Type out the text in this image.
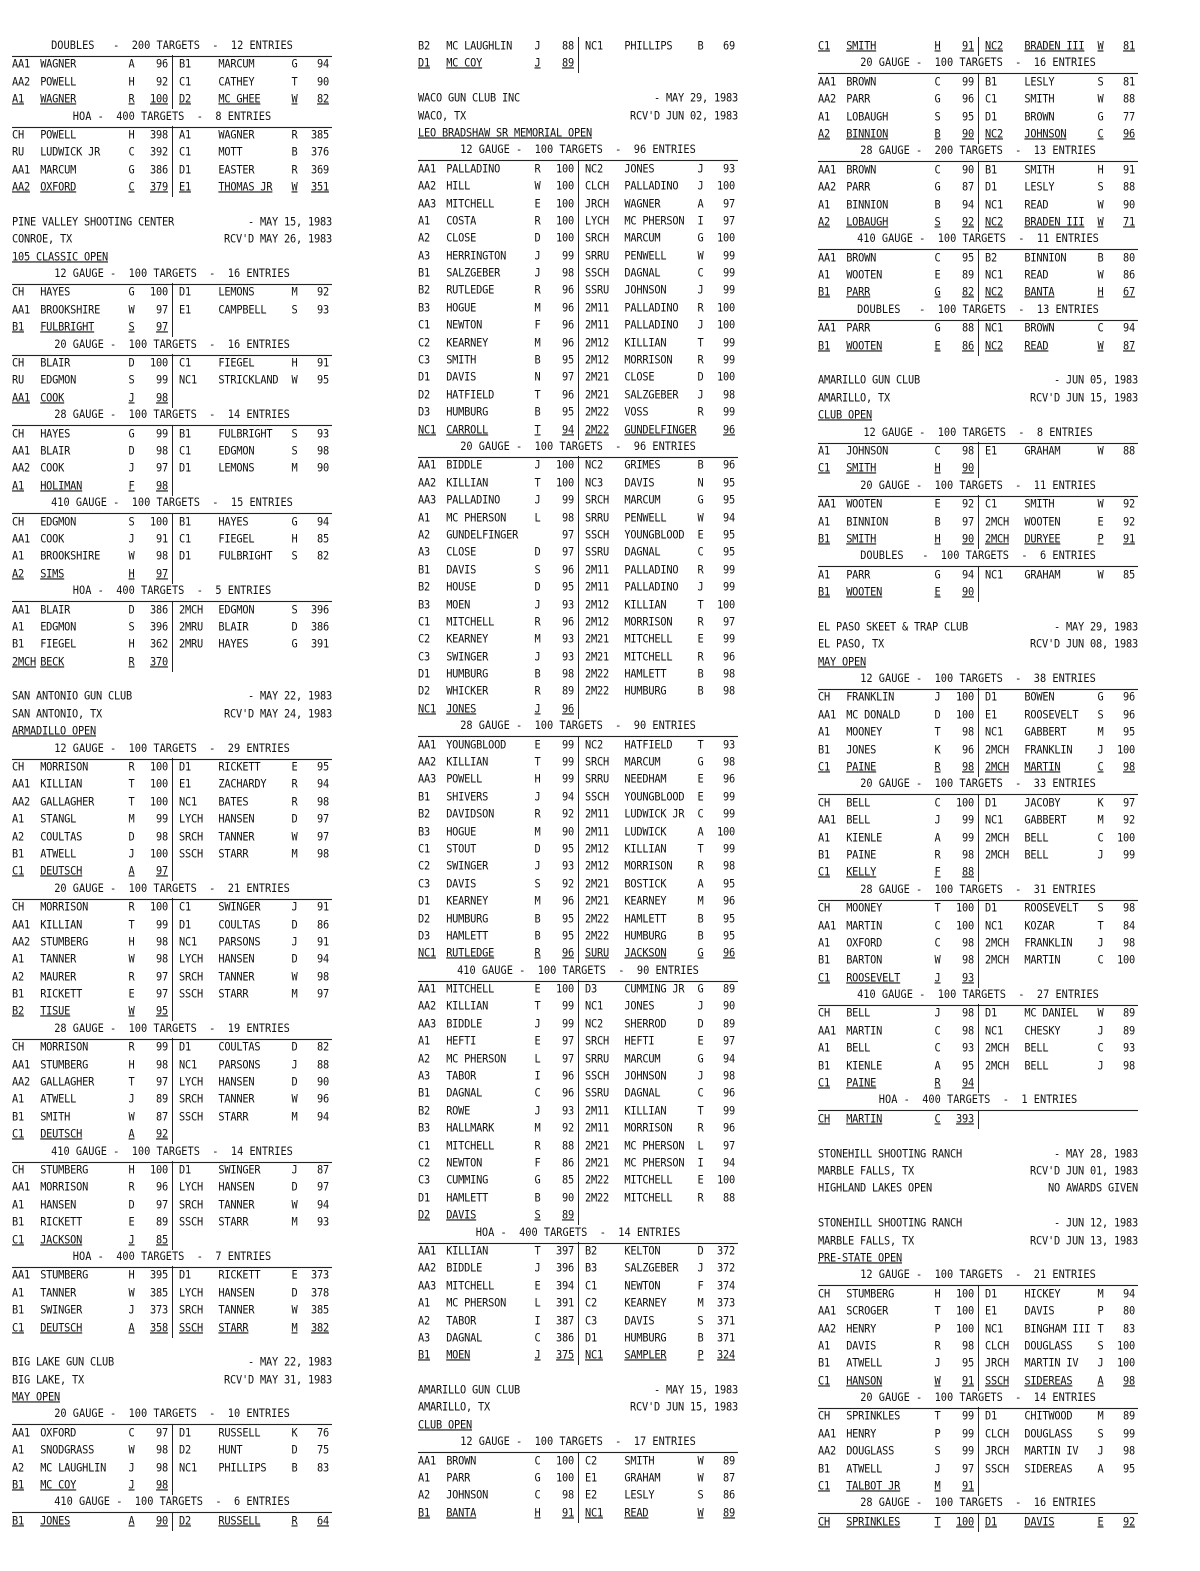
DOUBLES   -  200 TARGETS  -  12 ENTRIES
AA1 WAGNER	A	96	B1	MARCUM	G	94
AA2 POWELL	H	92	C1	CATHEY	T	90
A1	WAGNER	R	100	D2	MC GHEE	W	82
HOA -  400 TARGETS  -  8 ENTRIES
CH	POWELL	H	398	A1	WAGNER	R	385
RU	LUDWICK JR	C	392	C1	MOTT	B	376
AA1 MARCUM	G	386	D1	EASTER	R	369
AA2 OXFORD	C	379	E1	THOMAS JR	W	351
PINE VALLEY SHOOTING CENTER	- MAY 15, 1983
CONROE, TX	RCV'D MAY 26, 1983
105 CLASSIC OPEN
12 GAUGE -  100 TARGETS  -  16 ENTRIES
CH	HAYES	G	100	D1	LEMONS	M	92
AA1 BROOKSHIRE	W	97	E1	CAMPBELL	S	93
B1	FULBRIGHT	S	97
20 GAUGE -  100 TARGETS  -  16 ENTRIES
CH	BLAIR	D	100	C1	FIEGEL	H	91
RU	EDGMON	S	99	NC1	STRICKLAND	W	95
AA1 COOK	J	98
28 GAUGE -  100 TARGETS  -  14 ENTRIES
CH	HAYES	G	99	B1	FULBRIGHT	S	93
AA1 BLAIR	D	98	C1	EDGMON	S	98
AA2 COOK	J	97	D1	LEMONS	M	90
A1	HOLIMAN	F	98
410 GAUGE -  100 TARGETS  -  15 ENTRIES
CH	EDGMON	S	100	B1	HAYES	G	94
AA1 COOK	J	91	C1	FIEGEL	H	85
A1	BROOKSHIRE	W	98	D1	FULBRIGHT	S	82
A2	SIMS	H	97
HOA -  400 TARGETS  -  5 ENTRIES
AA1 BLAIR	D	386	2MCH	EDGMON	S	396
A1	EDGMON	S	396	2MRU	BLAIR	D	386
B1	FIEGEL	H	362	2MRU	HAYES	G	391
2MCH BECK	R	370
SAN ANTONIO GUN CLUB	- MAY 22, 1983
SAN ANTONIO, TX	RCV'D MAY 24, 1983
ARMADILLO OPEN
12 GAUGE -  100 TARGETS  -  29 ENTRIES
CH	MORRISON	R	100	D1	RICKETT	E	95
AA1 KILLIAN	T	100	E1	ZACHARDY	R	94
AA2 GALLAGHER	T	100	NC1	BATES	R	98
A1	STANGL	M	99	LYCH	HANSEN	D	97
A2	COULTAS	D	98	SRCH	TANNER	W	97
B1	ATWELL	J	100	SSCH	STARR	M	98
C1	DEUTSCH	A	97
20 GAUGE -  100 TARGETS  -  21 ENTRIES
CH	MORRISON	R	100	C1	SWINGER	J	91
AA1 KILLIAN	T	99	D1	COULTAS	D	86
AA2 STUMBERG	H	98	NC1	PARSONS	J	91
A1	TANNER	W	98	LYCH	HANSEN	D	94
A2	MAURER	R	97	SRCH	TANNER	W	98
B1	RICKETT	E	97	SSCH	STARR	M	97
B2	TISUE	W	95
28 GAUGE -  100 TARGETS  -  19 ENTRIES
CH	MORRISON	R	99	D1	COULTAS	D	82
AA1 STUMBERG	H	98	NC1	PARSONS	J	88
AA2 GALLAGHER	T	97	LYCH	HANSEN	D	90
A1	ATWELL	J	89	SRCH	TANNER	W	96
B1	SMITH	W	87	SSCH	STARR	M	94
C1	DEUTSCH	A	92
410 GAUGE -  100 TARGETS  -  14 ENTRIES
CH	STUMBERG	H	100	D1	SWINGER	J	87
AA1 MORRISON	R	96	LYCH	HANSEN	D	97
A1	HANSEN	D	97	SRCH	TANNER	W	94
B1	RICKETT	E	89	SSCH	STARR	M	93
C1	JACKSON	J	85
HOA -  400 TARGETS  -  7 ENTRIES
AA1 STUMBERG	H	395	D1	RICKETT	E	373
A1	TANNER	W	385	LYCH	HANSEN	D	378
B1	SWINGER	J	373	SRCH	TANNER	W	385
C1	DEUTSCH	A	358	SSCH	STARR	M	382
BIG LAKE GUN CLUB	- MAY 22, 1983
BIG LAKE, TX	RCV'D MAY 31, 1983
MAY OPEN
20 GAUGE -  100 TARGETS  -  10 ENTRIES
AA1 OXFORD	C	97	D1	RUSSELL	K	76
A1	SNODGRASS	W	98	D2	HUNT	D	75
A2	MC LAUGHLIN	J	98	NC1	PHILLIPS	B	83
B1	MC COY	J	98
410 GAUGE -  100 TARGETS  -  6 ENTRIES
B1	JONES	A	90	D2	RUSSELL	R	64
B2	MC LAUGHLIN	J	88	NC1	PHILLIPS	B	69
D1	MC COY	J	89
WACO GUN CLUB INC	- MAY 29, 1983
WACO, TX	RCV'D JUN 02, 1983
LEO BRADSHAW SR MEMORIAL OPEN
12 GAUGE -  100 TARGETS  -  96 ENTRIES
AA1 PALLADINO	R	100	NC2	JONES	J	93
AA2 HILL	W	100	CLCH	PALLADINO	J	100
AA3 MITCHELL	E	100	JRCH	WAGNER	A	97
A1	COSTA	R	100	LYCH	MC PHERSON	I	97
A2	CLOSE	D	100	SRCH	MARCUM	G	100
A3	HERRINGTON	J	99	SRRU	PENWELL	W	99
B1	SALZGEBER	J	98	SSCH	DAGNAL	C	99
B2	RUTLEDGE	R	96	SSRU	JOHNSON	J	99
B3	HOGUE	M	96	2M11	PALLADINO	R	100
C1	NEWTON	F	96	2M11	PALLADINO	J	100
C2	KEARNEY	M	96	2M12	KILLIAN	T	99
C3	SMITH	B	95	2M12	MORRISON	R	99
D1	DAVIS	N	97	2M21	CLOSE	D	100
D2	HATFIELD	T	96	2M21	SALZGEBER	J	98
D3	HUMBURG	B	95	2M22	VOSS	R	99
NC1 CARROLL	T	94	2M22	GUNDELFINGER	96
20 GAUGE -  100 TARGETS  -  96 ENTRIES
AA1 BIDDLE	J	100	NC2	GRIMES	B	96
AA2 KILLIAN	T	100	NC3	DAVIS	N	95
AA3 PALLADINO	J	99	SRCH	MARCUM	G	95
A1	MC PHERSON	L	98	SRRU	PENWELL	W	94
A2	GUNDELFINGER	97	SSCH	YOUNGBLOOD	E	95
A3	CLOSE	D	97	SSRU	DAGNAL	C	95
B1	DAVIS	S	96	2M11	PALLADINO	R	99
B2	HOUSE	D	95	2M11	PALLADINO	J	99
B3	MOEN	J	93	2M12	KILLIAN	T	100
C1	MITCHELL	R	96	2M12	MORRISON	R	97
C2	KEARNEY	M	93	2M21	MITCHELL	E	99
C3	SWINGER	J	93	2M21	MITCHELL	R	96
D1	HUMBURG	B	98	2M22	HAMLETT	B	98
D2	WHICKER	R	89	2M22	HUMBURG	B	98
NC1 JONES	J	96
28 GAUGE -  100 TARGETS  -  90 ENTRIES
AA1 YOUNGBLOOD	E	99	NC2	HATFIELD	T	93
AA2 KILLIAN	T	99	SRCH	MARCUM	G	98
AA3 POWELL	H	99	SRRU	NEEDHAM	E	96
B1	SHIVERS	J	94	SSCH	YOUNGBLOOD	E	99
B2	DAVIDSON	R	92	2M11	LUDWICK JR	C	99
B3	HOGUE	M	90	2M11	LUDWICK	A	100
C1	STOUT	D	95	2M12	KILLIAN	T	99
C2	SWINGER	J	93	2M12	MORRISON	R	98
C3	DAVIS	S	92	2M21	BOSTICK	A	95
D1	KEARNEY	M	96	2M21	KEARNEY	M	96
D2	HUMBURG	B	95	2M22	HAMLETT	B	95
D3	HAMLETT	B	95	2M22	HUMBURG	B	95
NC1 RUTLEDGE	R	96	SURU	JACKSON	G	96
410 GAUGE -  100 TARGETS  -  90 ENTRIES
AA1 MITCHELL	E	100	D3	CUMMING JR	G	89
AA2 KILLIAN	T	99	NC1	JONES	J	90
AA3 BIDDLE	J	99	NC2	SHERROD	D	89
A1	HEFTI	E	97	SRCH	HEFTI	E	97
A2	MC PHERSON	L	97	SRRU	MARCUM	G	94
A3	TABOR	I	96	SSCH	JOHNSON	J	98
B1	DAGNAL	C	96	SSRU	DAGNAL	C	96
B2	ROWE	J	93	2M11	KILLIAN	T	99
B3	HALLMARK	M	92	2M11	MORRISON	R	96
C1	MITCHELL	R	88	2M21	MC PHERSON	L	97
C2	NEWTON	F	86	2M21	MC PHERSON	I	94
C3	CUMMING	G	85	2M22	MITCHELL	E	100
D1	HAMLETT	B	90	2M22	MITCHELL	R	88
D2	DAVIS	S	89
HOA -  400 TARGETS  -  14 ENTRIES
AA1 KILLIAN	T	397	B2	KELTON	D	372
AA2 BIDDLE	J	396	B3	SALZGEBER	J	372
AA3 MITCHELL	E	394	C1	NEWTON	F	374
A1	MC PHERSON	L	391	C2	KEARNEY	M	373
A2	TABOR	I	387	C3	DAVIS	S	371
A3	DAGNAL	C	386	D1	HUMBURG	B	371
B1	MOEN	J	375	NC1	SAMPLER	P	324
AMARILLO GUN CLUB	- MAY 15, 1983
AMARILLO, TX	RCV'D JUN 15, 1983
CLUB OPEN
12 GAUGE -  100 TARGETS  -  17 ENTRIES
AA1 BROWN	C	100	C2	SMITH	W	89
A1	PARR	G	100	E1	GRAHAM	W	87
A2	JOHNSON	C	98	E2	LESLY	S	86
B1	BANTA	H	91	NC1	READ	W	89
C1	SMITH	H	91	NC2	BRADEN III	W	81
20 GAUGE -  100 TARGETS  -  16 ENTRIES
AA1 BROWN	C	99	B1	LESLY	S	81
AA2 PARR	G	96	C1	SMITH	W	88
A1	LOBAUGH	S	95	D1	BROWN	G	77
A2	BINNION	B	90	NC2	JOHNSON	C	96
28 GAUGE -  200 TARGETS  -  13 ENTRIES
AA1 BROWN	C	90	B1	SMITH	H	91
AA2 PARR	G	87	D1	LESLY	S	88
A1	BINNION	B	94	NC1	READ	W	90
A2	LOBAUGH	S	92	NC2	BRADEN III	W	71
410 GAUGE -  100 TARGETS  -  11 ENTRIES
AA1 BROWN	C	95	B2	BINNION	B	80
A1	WOOTEN	E	89	NC1	READ	W	86
B1	PARR	G	82	NC2	BANTA	H	67
DOUBLES   -  100 TARGETS  -  13 ENTRIES
AA1 PARR	G	88	NC1	BROWN	C	94
B1	WOOTEN	E	86	NC2	READ	W	87
AMARILLO GUN CLUB	- JUN 05, 1983
AMARILLO, TX	RCV'D JUN 15, 1983
CLUB OPEN
12 GAUGE -  100 TARGETS  -  8 ENTRIES
A1	JOHNSON	C	98	E1	GRAHAM	W	88
C1	SMITH	H	90
20 GAUGE -  100 TARGETS  -  11 ENTRIES
AA1 WOOTEN	E	92	C1	SMITH	W	92
A1	BINNION	B	97	2MCH	WOOTEN	E	92
B1	SMITH	H	90	2MCH	DURYEE	P	91
DOUBLES   -  100 TARGETS  -  6 ENTRIES
A1	PARR	G	94	NC1	GRAHAM	W	85
B1	WOOTEN	E	90
EL PASO SKEET & TRAP CLUB	- MAY 29, 1983
EL PASO, TX	RCV'D JUN 08, 1983
MAY OPEN
12 GAUGE -  100 TARGETS  -  38 ENTRIES
CH	FRANKLIN	J	100	D1	BOWEN	G	96
AA1 MC DONALD	D	100	E1	ROOSEVELT	S	96
A1	MOONEY	T	98	NC1	GABBERT	M	95
B1	JONES	K	96	2MCH	FRANKLIN	J	100
C1	PAINE	R	98	2MCH	MARTIN	C	98
20 GAUGE -  100 TARGETS  -  33 ENTRIES
CH	BELL	C	100	D1	JACOBY	K	97
AA1 BELL	J	99	NC1	GABBERT	M	92
A1	KIENLE	A	99	2MCH	BELL	C	100
B1	PAINE	R	98	2MCH	BELL	J	99
C1	KELLY	F	88
28 GAUGE -  100 TARGETS  -  31 ENTRIES
CH	MOONEY	T	100	D1	ROOSEVELT	S	98
AA1 MARTIN	C	100	NC1	KOZAR	T	84
A1	OXFORD	C	98	2MCH	FRANKLIN	J	98
B1	BARTON	W	98	2MCH	MARTIN	C	100
C1	ROOSEVELT	J	93
410 GAUGE -  100 TARGETS  -  27 ENTRIES
CH	BELL	J	98	D1	MC DANIEL	W	89
AA1 MARTIN	C	98	NC1	CHESKY	J	89
A1	BELL	C	93	2MCH	BELL	C	93
B1	KIENLE	A	95	2MCH	BELL	J	98
C1	PAINE	R	94
HOA -  400 TARGETS  -  1 ENTRIES
CH	MARTIN	C	393
STONEHILL SHOOTING RANCH	- MAY 28, 1983
MARBLE FALLS, TX	RCV'D JUN 01, 1983
HIGHLAND LAKES OPEN	NO AWARDS GIVEN
STONEHILL SHOOTING RANCH	- JUN 12, 1983
MARBLE FALLS, TX	RCV'D JUN 13, 1983
PRE-STATE OPEN
12 GAUGE -  100 TARGETS  -  21 ENTRIES
CH	STUMBERG	H	100	D1	HICKEY	M	94
AA1 SCROGER	T	100	E1	DAVIS	P	80
AA2 HENRY	P	100	NC1	BINGHAM III T	83
A1	DAVIS	R	98	CLCH	DOUGLASS	S	100
B1	ATWELL	J	95	JRCH	MARTIN IV	J	100
C1	HANSON	W	91	SSCH	SIDEREAS	A	98
20 GAUGE -  100 TARGETS  -  14 ENTRIES
CH	SPRINKLES	T	99	D1	CHITWOOD	M	89
AA1 HENRY	P	99	CLCH	DOUGLASS	S	99
AA2 DOUGLASS	S	99	JRCH	MARTIN IV	J	98
B1	ATWELL	J	97	SSCH	SIDEREAS	A	95
C1	TALBOT JR	M	91
28 GAUGE -  100 TARGETS  -  16 ENTRIES
CH	SPRINKLES	T	100	D1	DAVIS	E	92
